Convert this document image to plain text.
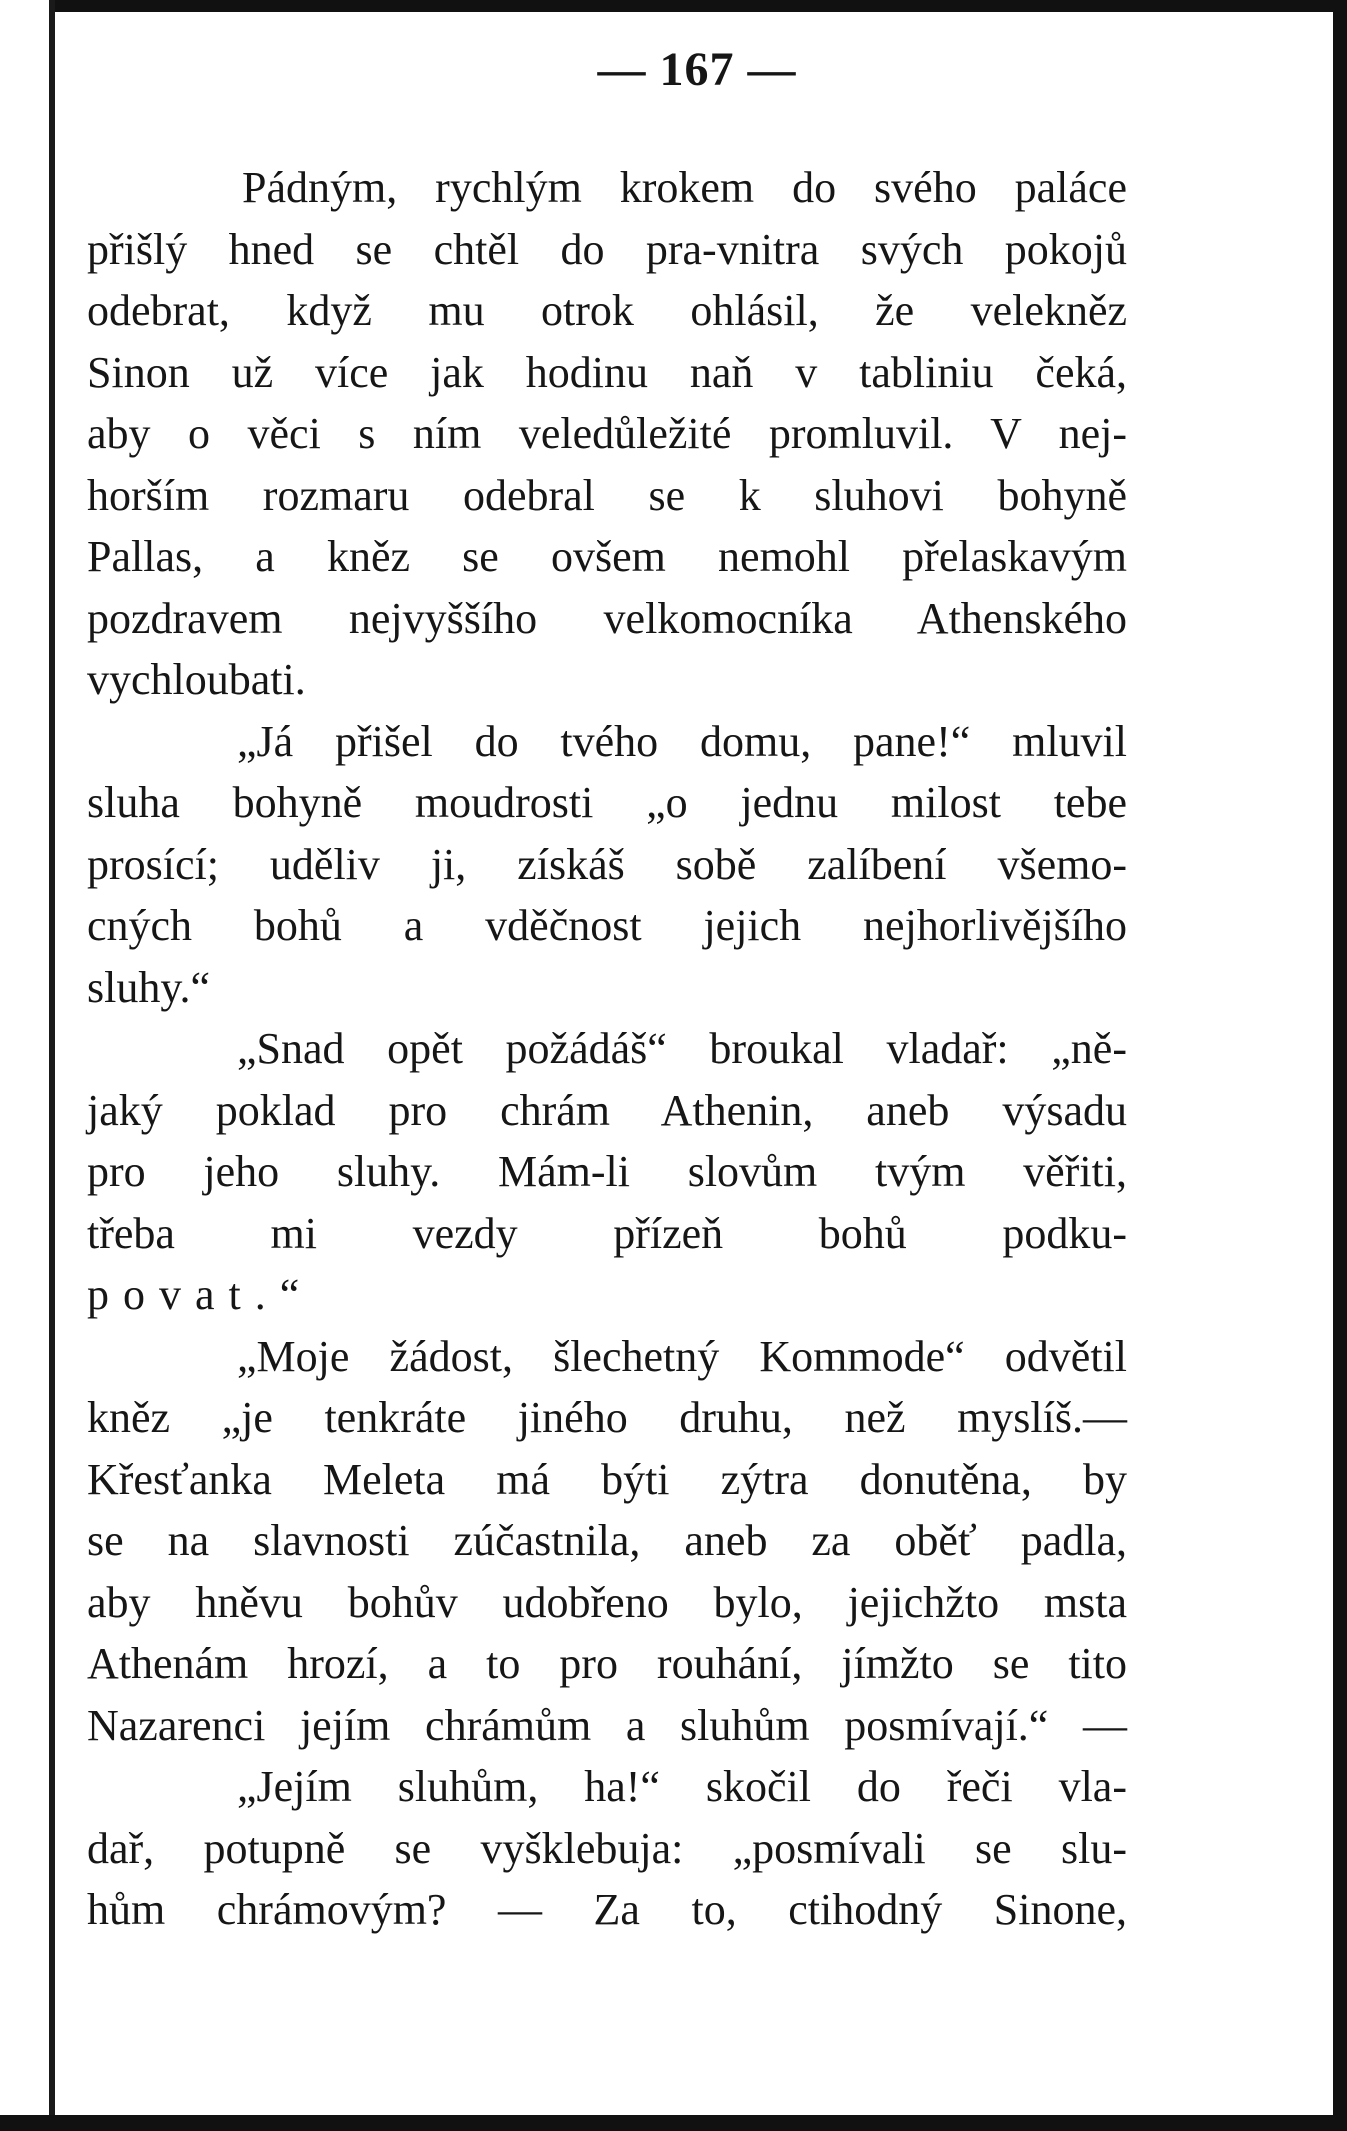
— 167 —
Pádným, rychlým krokem do svého paláce
přišlý hned se chtěl do pra-vnitra svých pokojů
odebrat, když mu otrok ohlásil, že velekněz
Sinon už více jak hodinu naň v tabliniu čeká,
aby o věci s ním veledůležité promluvil. V nej-
horším rozmaru odebral se k sluhovi bohyně
Pallas, a kněz se ovšem nemohl přelaskavým
pozdravem nejvyššího velkomocníka Athenského
vychloubati.
„Já přišel do tvého domu, pane!“ mluvil
sluha bohyně moudrosti „o jednu milost tebe
prosící; uděliv ji, získáš sobě zalíbení všemo-
cných bohů a vděčnost jejich nejhorlivějšího
sluhy.“
„Snad opět požádáš“ broukal vladař: „ně-
jaký poklad pro chrám Athenin, aneb výsadu
pro jeho sluhy. Mám-li slovům tvým věřiti,
třeba mi vezdy přízeň bohů podku-
povat.“
„Moje žádost, šlechetný Kommode“ odvětil
kněz „je tenkráte jiného druhu, než myslíš.—
Křesťanka Meleta má býti zýtra donutěna, by
se na slavnosti zúčastnila, aneb za oběť padla,
aby hněvu bohův udobřeno bylo, jejichžto msta
Athenám hrozí, a to pro rouhání, jímžto se tito
Nazarenci jejím chrámům a sluhům posmívají.“ —
„Jejím sluhům, ha!“ skočil do řeči vla-
dař, potupně se vyšklebuja: „posmívali se slu-
hům chrámovým? — Za to, ctihodný Sinone,
